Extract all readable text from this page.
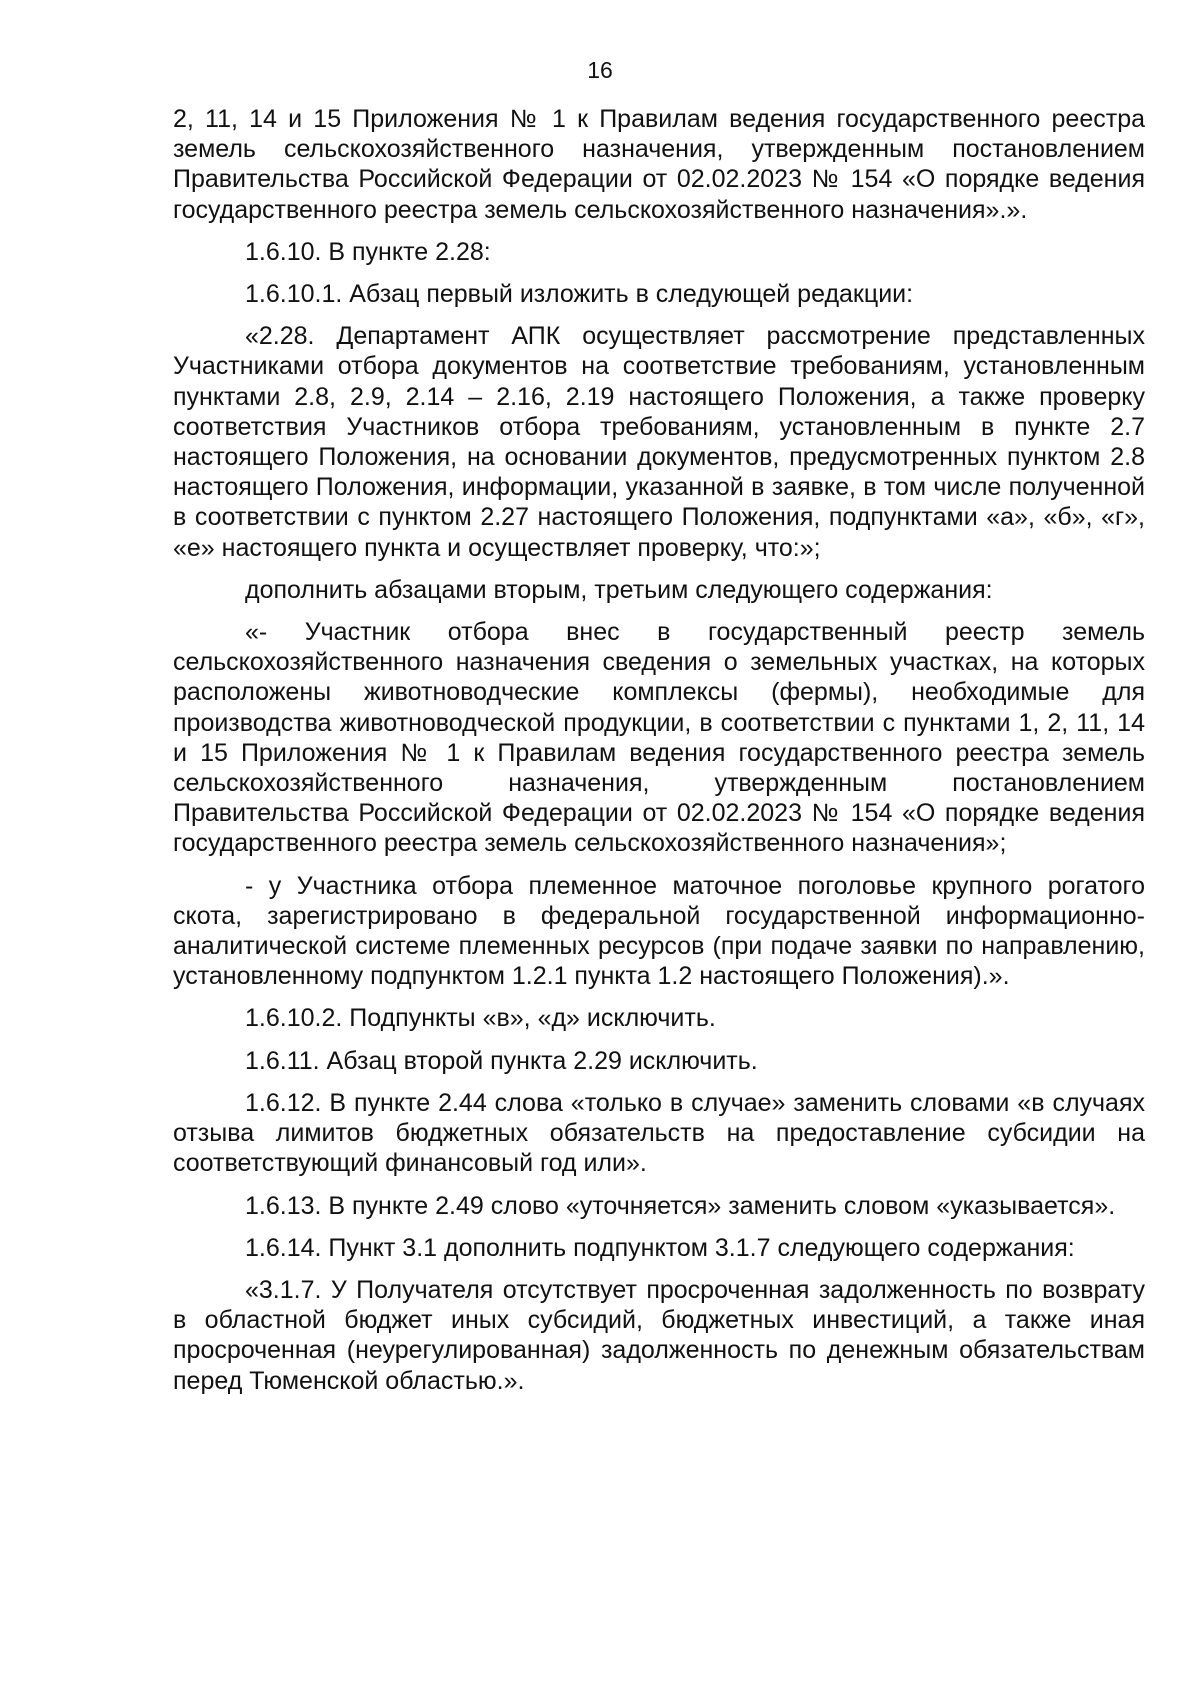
16

2, 11, 14 и 15 Приложения № 1 к Правилам ведения государственного реестра земель сельскохозяйственного назначения, утвержденным постановлением Правительства Российской Федерации от 02.02.2023 № 154 «О порядке ведения государственного реестра земель сельскохозяйственного назначения».».

1.6.10. В пункте 2.28:

1.6.10.1. Абзац первый изложить в следующей редакции:

«2.28. Департамент АПК осуществляет рассмотрение представленных Участниками отбора документов на соответствие требованиям, установленным пунктами 2.8, 2.9, 2.14 – 2.16, 2.19 настоящего Положения, а также проверку соответствия Участников отбора требованиям, установленным в пункте 2.7 настоящего Положения, на основании документов, предусмотренных пунктом 2.8 настоящего Положения, информации, указанной в заявке, в том числе полученной в соответствии с пунктом 2.27 настоящего Положения, подпунктами «а», «б», «г», «е» настоящего пункта и осуществляет проверку, что:»;

дополнить абзацами вторым, третьим следующего содержания:

«- Участник отбора внес в государственный реестр земель сельскохозяйственного назначения сведения о земельных участках, на которых расположены животноводческие комплексы (фермы), необходимые для производства животноводческой продукции, в соответствии с пунктами 1, 2, 11, 14 и 15 Приложения № 1 к Правилам ведения государственного реестра земель сельскохозяйственного назначения, утвержденным постановлением Правительства Российской Федерации от 02.02.2023 № 154 «О порядке ведения государственного реестра земель сельскохозяйственного назначения»;

- у Участника отбора племенное маточное поголовье крупного рогатого скота, зарегистрировано в федеральной государственной информационно-аналитической системе племенных ресурсов (при подаче заявки по направлению, установленному подпунктом 1.2.1 пункта 1.2 настоящего Положения).».

1.6.10.2. Подпункты «в», «д» исключить.

1.6.11. Абзац второй пункта 2.29 исключить.

1.6.12. В пункте 2.44 слова «только в случае» заменить словами «в случаях отзыва лимитов бюджетных обязательств на предоставление субсидии на соответствующий финансовый год или».

1.6.13. В пункте 2.49 слово «уточняется» заменить словом «указывается».

1.6.14. Пункт 3.1 дополнить подпунктом 3.1.7 следующего содержания:

«3.1.7. У Получателя отсутствует просроченная задолженность по возврату в областной бюджет иных субсидий, бюджетных инвестиций, а также иная просроченная (неурегулированная) задолженность по денежным обязательствам перед Тюменской областью.».
